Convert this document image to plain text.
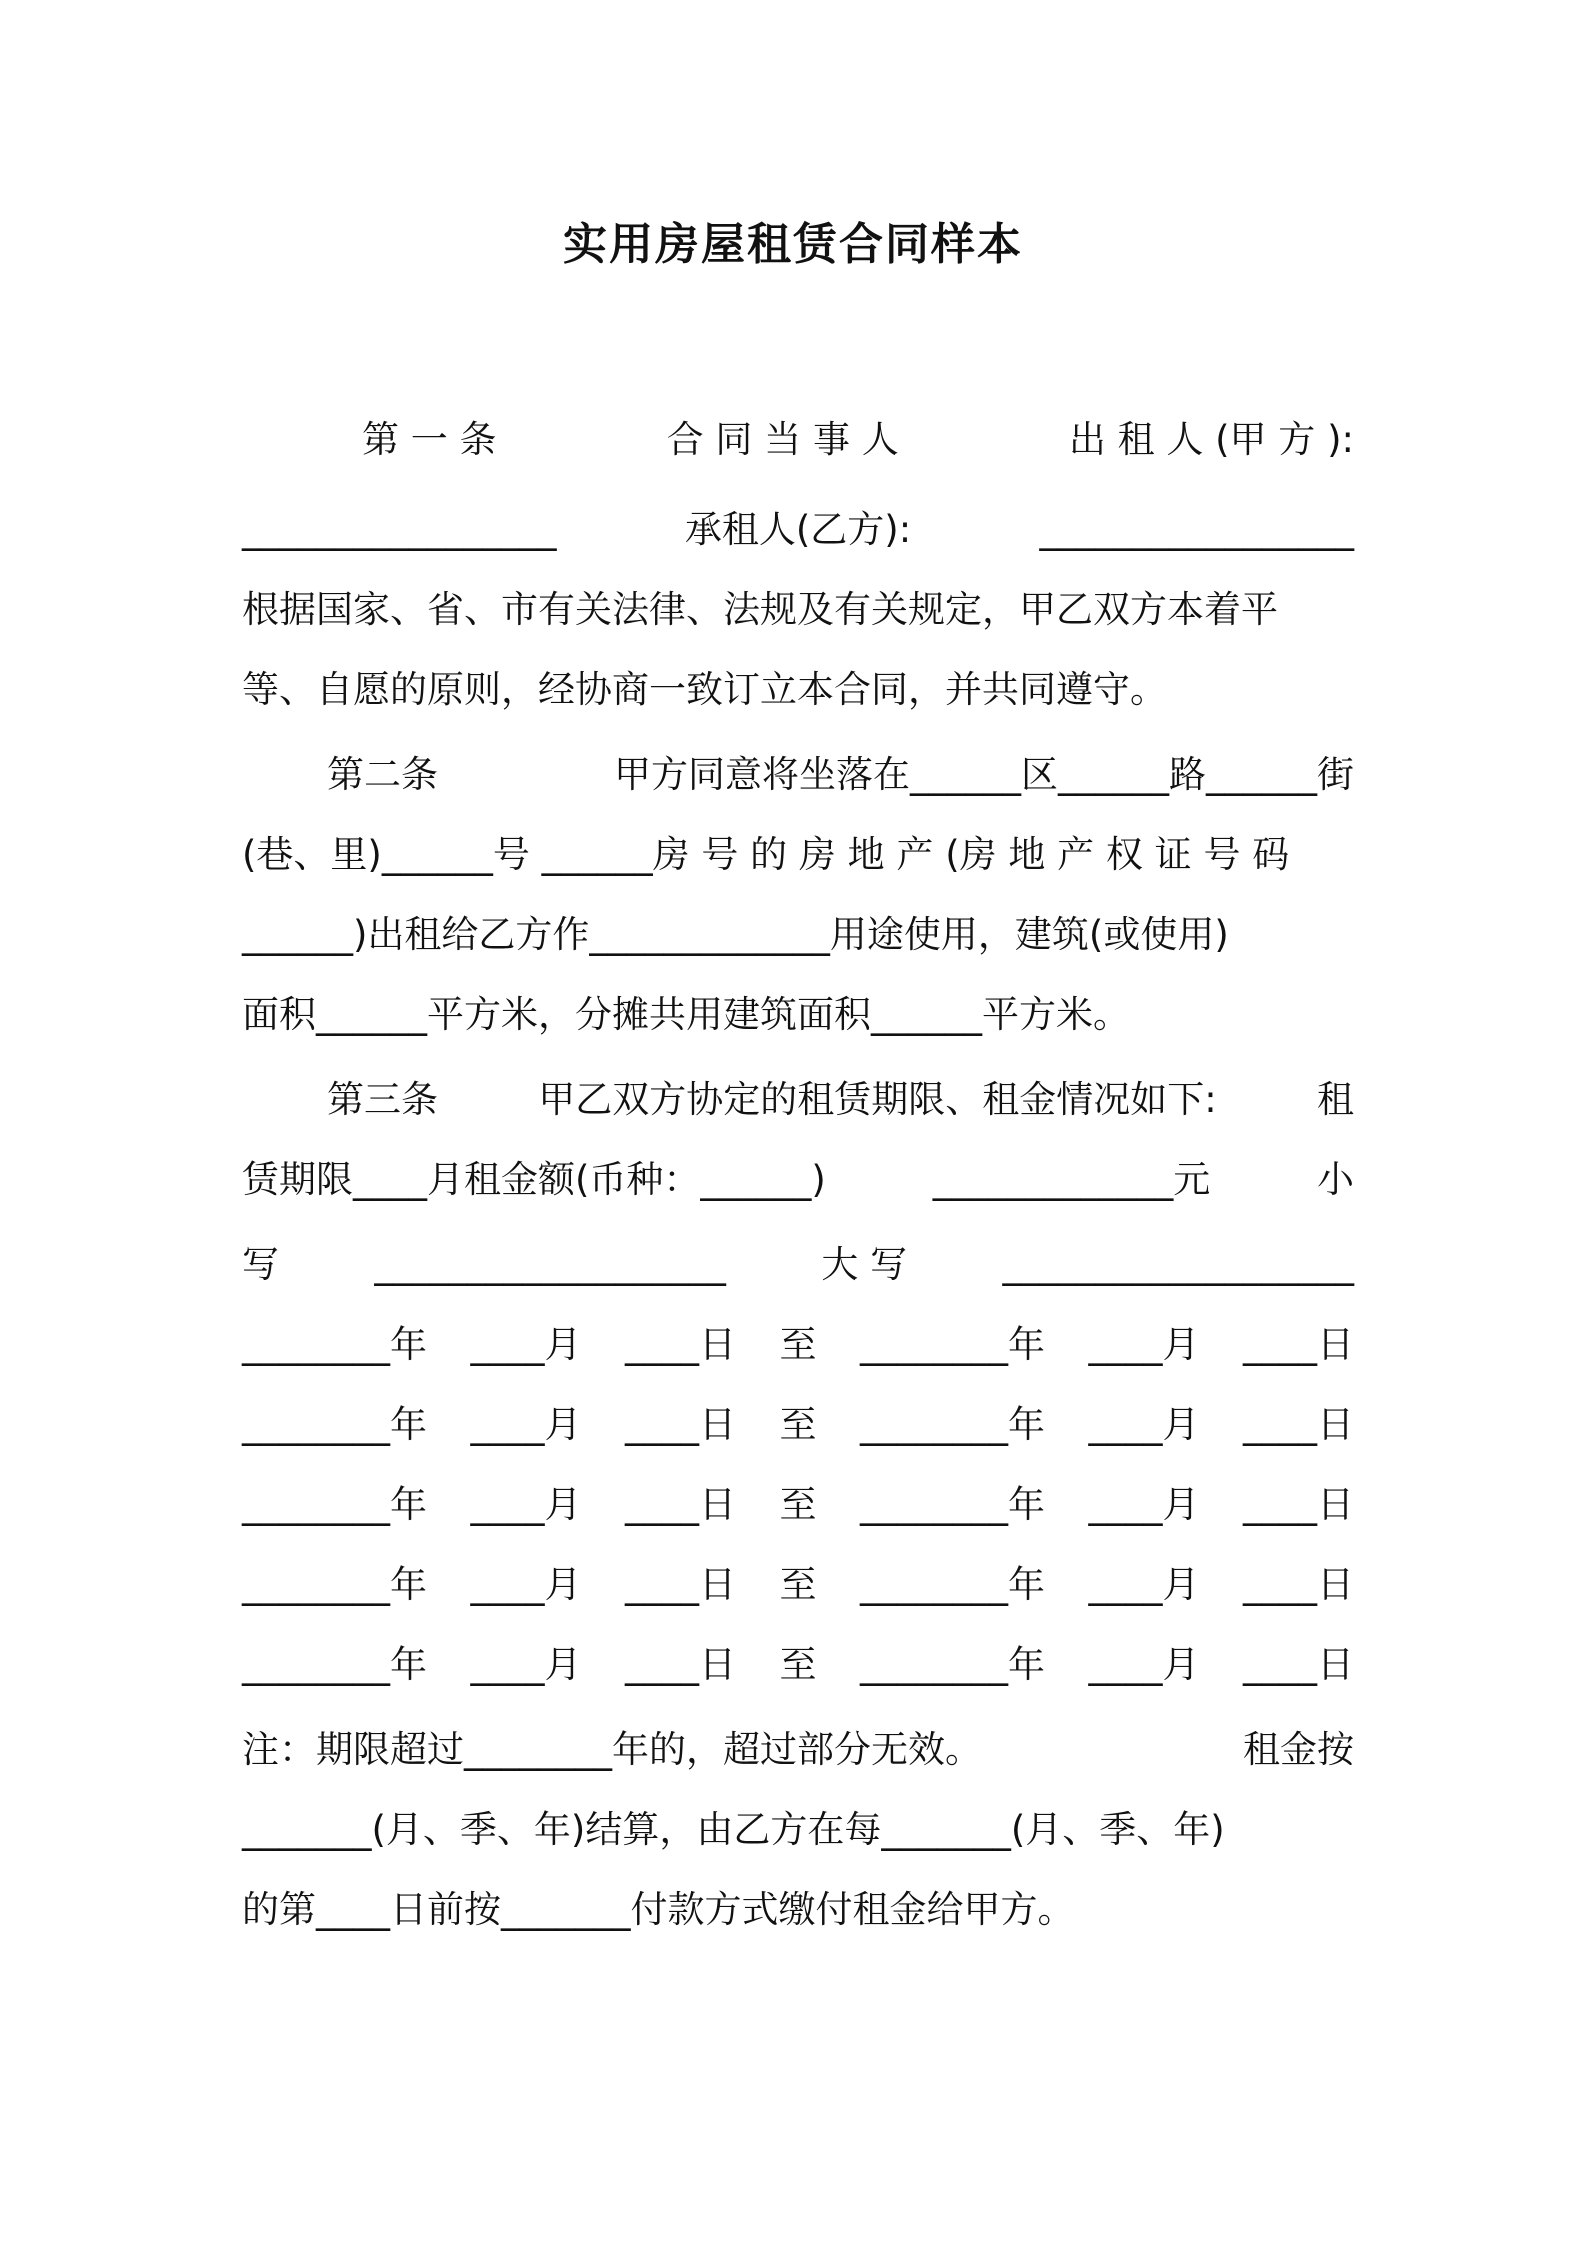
实用房屋租赁合同样本
第 一 条	合 同 当 事 人	出 租 人 (甲 方 ):
_________________	承租人(乙方):	_________________
根据国家、省、市有关法律、法规及有关规定，甲乙双方本着平
等、自愿的原则，经协商一致订立本合同，并共同遵守。
第二条	甲方同意将坐落在______区______路______街
(巷、里)______号 ______房 号 的 房 地 产 (房 地 产 权 证 号 码
______)出租给乙方作_____________用途使用，建筑(或使用)
面积______平方米，分摊共用建筑面积______平方米。
第三条	甲乙双方协定的租赁期限、租金情况如下:	租
赁期限____月租金额(币种：______)	_____________元	小
写	___________________	大 写	___________________
________年 ____月 ____日 至 ________年 ____月 ____日
________年 ____月 ____日 至 ________年 ____月 ____日
________年 ____月 ____日 至 ________年 ____月 ____日
________年 ____月 ____日 至 ________年 ____月 ____日
________年 ____月 ____日 至 ________年 ____月 ____日
注：期限超过________年的，超过部分无效。	租金按
_______(月、季、年)结算，由乙方在每_______(月、季、年)
的第____日前按_______付款方式缴付租金给甲方。
